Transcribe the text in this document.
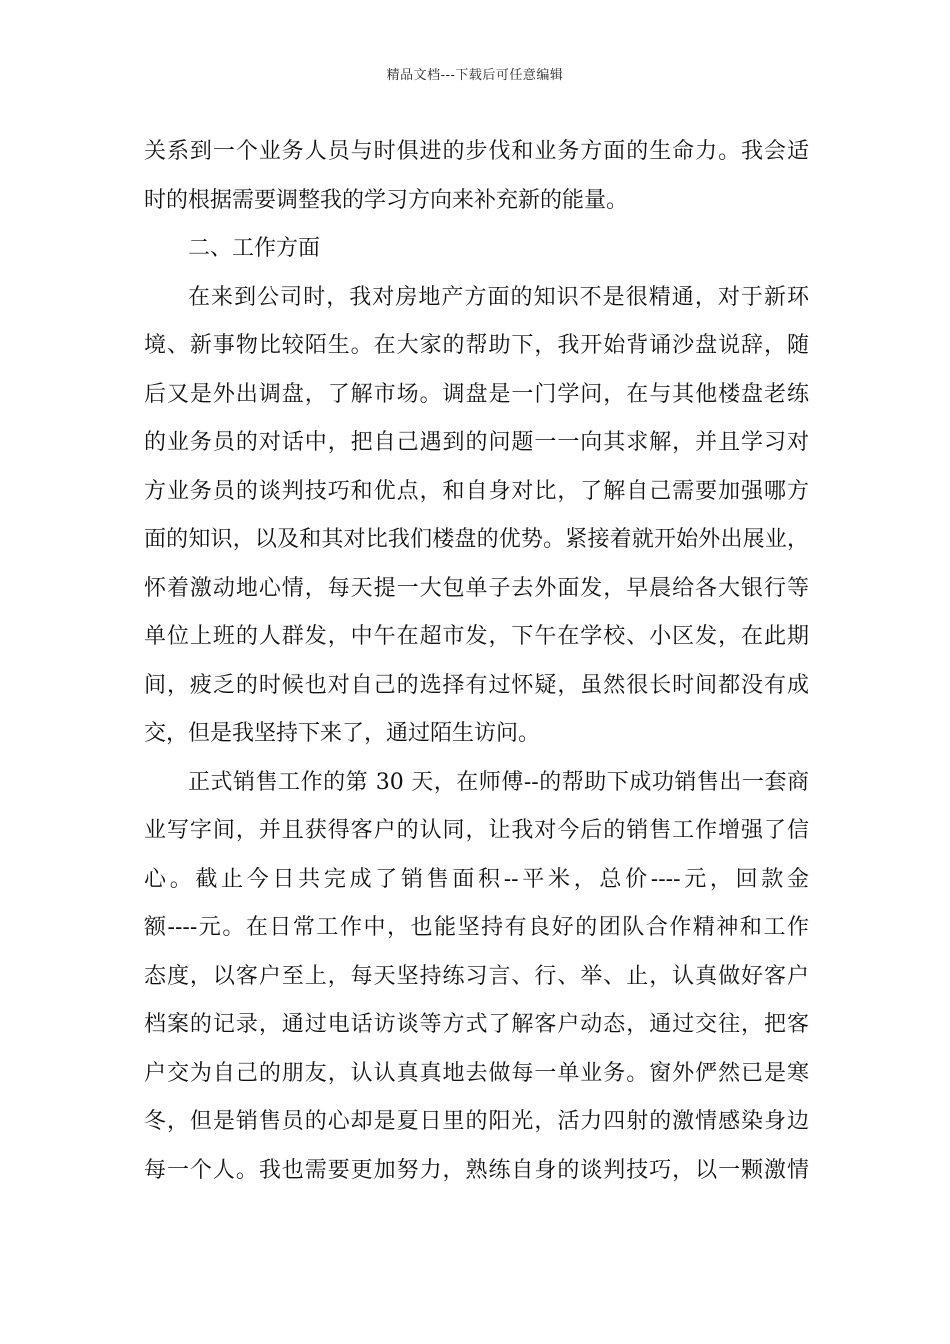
精品文档---下载后可任意编辑
关系到一个业务人员与时俱进的步伐和业务方面的生命力。我会适
时的根据需要调整我的学习方向来补充新的能量。
二、工作方面
在来到公司时，我对房地产方面的知识不是很精通，对于新环
境、新事物比较陌生。在大家的帮助下，我开始背诵沙盘说辞，随
后又是外出调盘，了解市场。调盘是一门学问，在与其他楼盘老练
的业务员的对话中，把自己遇到的问题一一向其求解，并且学习对
方业务员的谈判技巧和优点，和自身对比，了解自己需要加强哪方
面的知识，以及和其对比我们楼盘的优势。紧接着就开始外出展业，
怀着激动地心情，每天提一大包单子去外面发，早晨给各大银行等
单位上班的人群发，中午在超市发，下午在学校、小区发，在此期
间，疲乏的时候也对自己的选择有过怀疑，虽然很长时间都没有成
交，但是我坚持下来了，通过陌生访问。
正式销售工作的第 30 天，在师傅--的帮助下成功销售出一套商
业写字间，并且获得客户的认同，让我对今后的销售工作增强了信
心。截止今日共完成了销售面积--平米，总价----元，回款金
额----元。在日常工作中，也能坚持有良好的团队合作精神和工作
态度，以客户至上，每天坚持练习言、行、举、止，认真做好客户
档案的记录，通过电话访谈等方式了解客户动态，通过交往，把客
户交为自己的朋友，认认真真地去做每一单业务。窗外俨然已是寒
冬，但是销售员的心却是夏日里的阳光，活力四射的激情感染身边
每一个人。我也需要更加努力，熟练自身的谈判技巧，以一颗激情
